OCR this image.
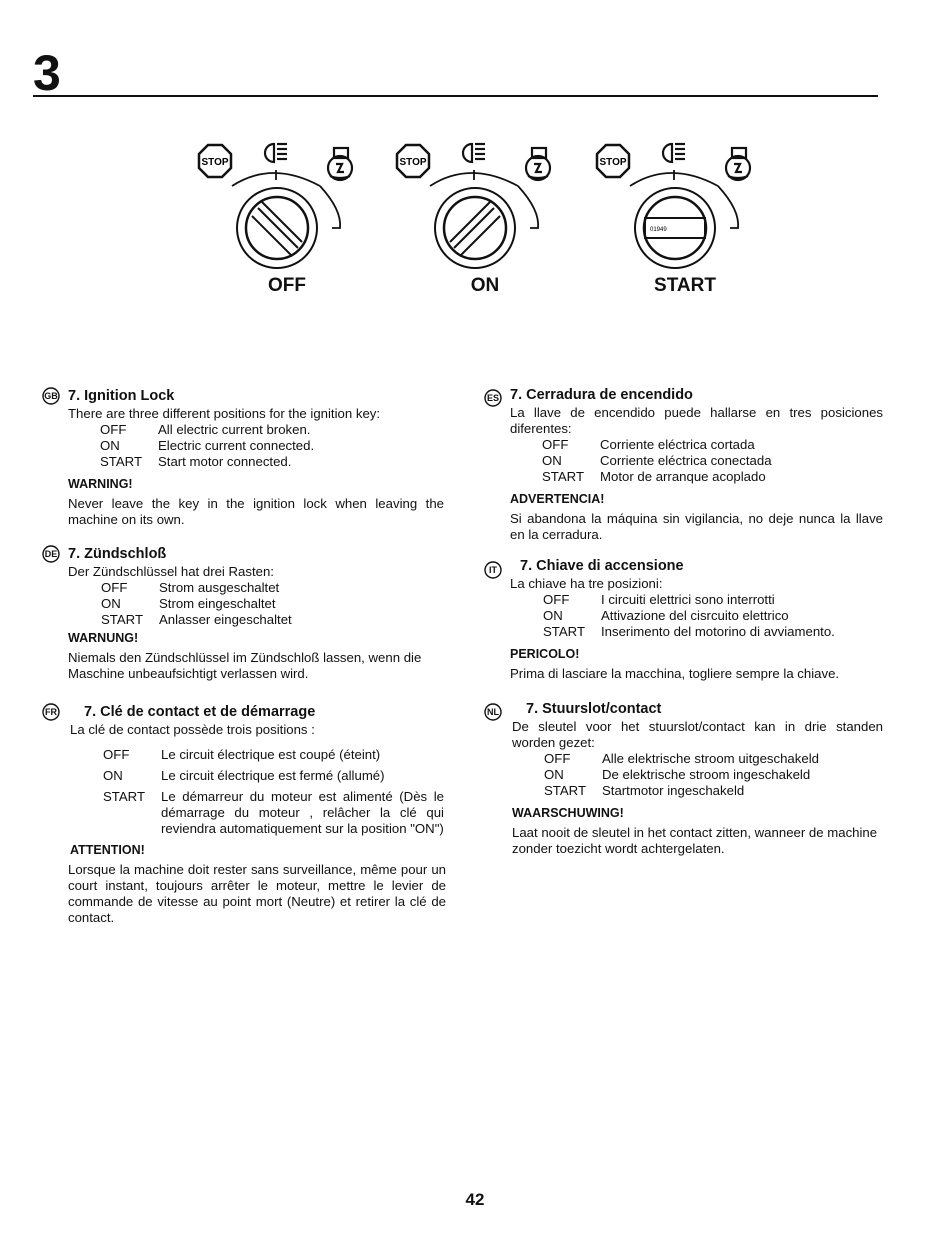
3
STOP
OFF
STOP
ON
STOP
01949
START
GB 7. Ignition Lock
There are three different positions for the ignition key:
OFF	All electric current broken.
ON	Electric current connected.
START	Start motor connected.
WARNING!
Never leave the key in the ignition lock when leaving the machine on its own.
DE 7. Zündschloß
Der Zündschlüssel hat drei Rasten:
OFF	Strom ausgeschaltet
ON	Strom eingeschaltet
START	Anlasser eingeschaltet
WARNUNG!
Niemals den Zündschlüssel im Zündschloß lassen, wenn die Maschine unbeaufsichtigt verlassen wird.
FR 7. Clé de contact et de démarrage
La clé de contact possède trois positions :
OFF	Le circuit électrique est coupé (éteint)
ON	Le circuit électrique est fermé (allumé)
START	Le démarreur du moteur est alimenté (Dès le démarrage du moteur , relâcher la clé qui reviendra automatiquement sur la position "ON")
ATTENTION!
Lorsque la machine doit rester sans surveillance, même pour un court instant, toujours arrêter le moteur, mettre le levier de commande de vitesse au point mort (Neutre) et retirer la clé de contact.
ES 7. Cerradura de encendido
La llave de encendido puede hallarse en tres posiciones diferentes:
OFF	Corriente eléctrica cortada
ON	Corriente eléctrica conectada
START	Motor de arranque acoplado
ADVERTENCIA!
Si abandona la máquina sin vigilancia, no deje nunca la llave en la cerradura.
IT	7. Chiave di accensione
La chiave ha tre posizioni:
OFF	I circuiti elettrici sono interrotti
ON	Attivazione del cisrcuito elettrico
START	Inserimento del motorino di avviamento.
PERICOLO!
Prima di lasciare la macchina, togliere sempre la chiave.
NL 7. Stuurslot/contact
De sleutel voor het stuurslot/contact kan in drie standen worden gezet:
OFF	Alle elektrische stroom uitgeschakeld
ON	De elektrische stroom ingeschakeld
START	Startmotor ingeschakeld
WAARSCHUWING!
Laat nooit de sleutel in het contact zitten, wanneer de machine zonder toezicht wordt achtergelaten.
42
